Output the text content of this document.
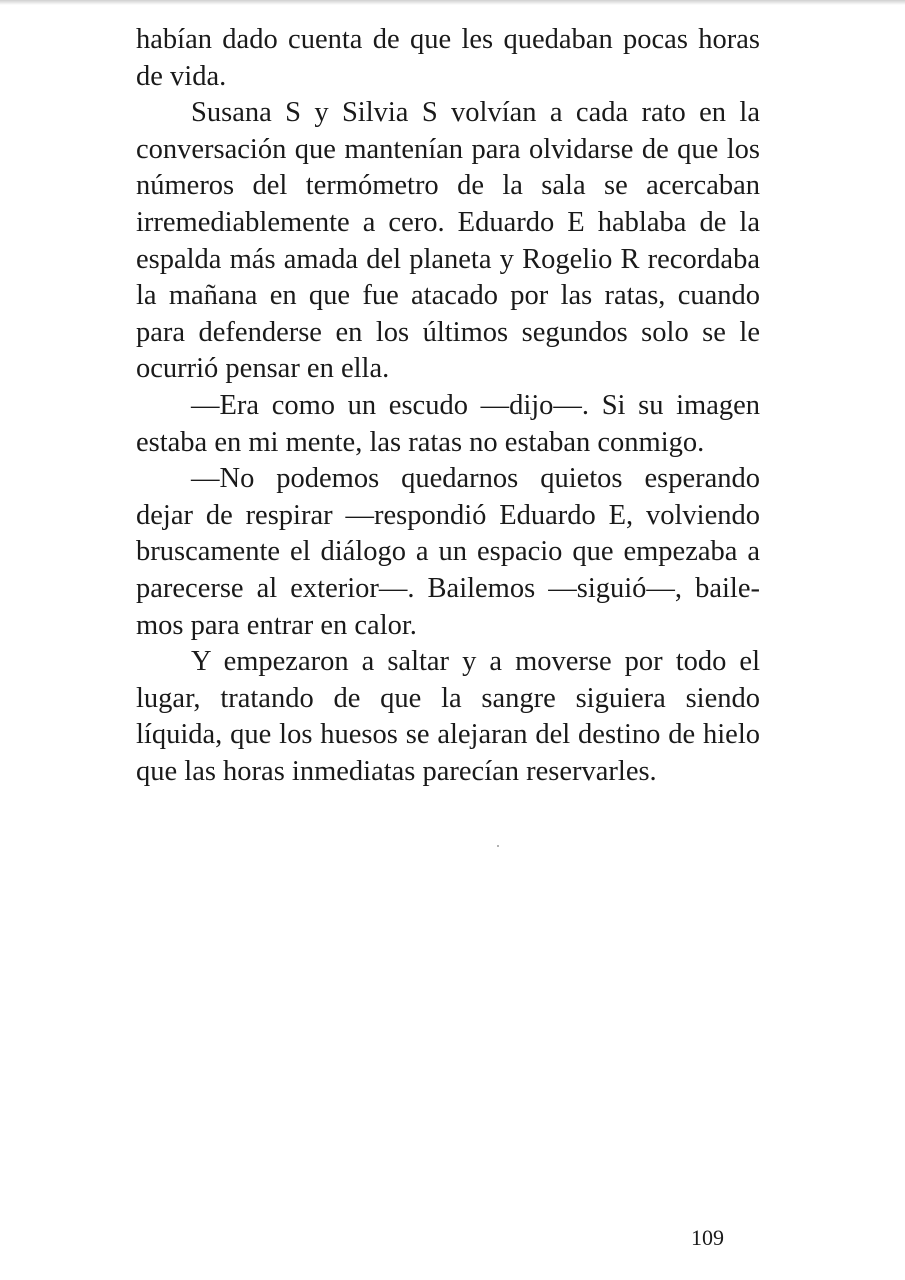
habían dado cuenta de que les quedaban pocas horas de vida.

Susana S y Silvia S volvían a cada rato en la conversación que mantenían para olvidarse de que los números del termómetro de la sala se acercaban irremediablemente a cero. Eduardo E hablaba de la espalda más amada del planeta y Rogelio R recordaba la mañana en que fue atacado por las ratas, cuando para defenderse en los últimos segundos solo se le ocurrió pensar en ella.

—Era como un escudo —dijo—. Si su imagen estaba en mi mente, las ratas no estaban conmigo.

—No podemos quedarnos quietos esperando dejar de respirar —respondió Eduardo E, volviendo bruscamente el diálogo a un espacio que empezaba a parecerse al exterior—. Bailemos —siguió—, bailemos para entrar en calor.

Y empezaron a saltar y a moverse por todo el lugar, tratando de que la sangre siguiera siendo líquida, que los huesos se alejaran del destino de hielo que las horas inmediatas parecían reservarles.

109
